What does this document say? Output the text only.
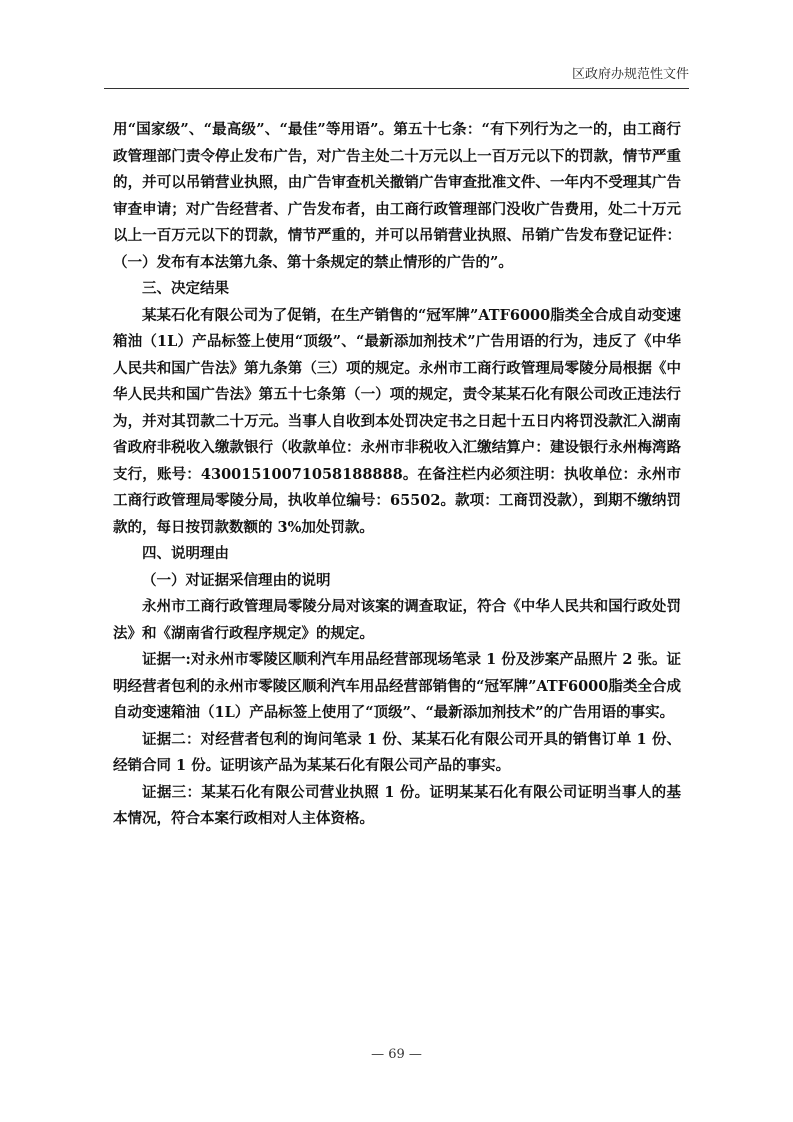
区政府办规范性文件

用“国家级”、“最高级”、“最佳”等用语”。第五十七条：“有下列行为之一的，由工商行政管理部门责令停止发布广告，对广告主处二十万元以上一百万元以下的罚款，情节严重的，并可以吊销营业执照，由广告审查机关撤销广告审查批准文件、一年内不受理其广告审查申请；对广告经营者、广告发布者，由工商行政管理部门没收广告费用，处二十万元以上一百万元以下的罚款，情节严重的，并可以吊销营业执照、吊销广告发布登记证件：（一）发布有本法第九条、第十条规定的禁止情形的广告的”。

三、决定结果

某某石化有限公司为了促销，在生产销售的“冠军牌”ATF6000脂类全合成自动变速箱油（1L）产品标签上使用“顶级”、“最新添加剂技术”广告用语的行为，违反了《中华人民共和国广告法》第九条第（三）项的规定。永州市工商行政管理局零陵分局根据《中华人民共和国广告法》第五十七条第（一）项的规定，责令某某石化有限公司改正违法行为，并对其罚款二十万元。当事人自收到本处罚决定书之日起十五日内将罚没款汇入湖南省政府非税收入缴款银行（收款单位：永州市非税收入汇缴结算户：建设银行永州梅湾路支行，账号：43001510071058188888。在备注栏内必须注明：执收单位：永州市工商行政管理局零陵分局，执收单位编号：65502。款项：工商罚没款），到期不缴纳罚款的，每日按罚款数额的 3%加处罚款。

四、说明理由

（一）对证据采信理由的说明

永州市工商行政管理局零陵分局对该案的调查取证，符合《中华人民共和国行政处罚法》和《湖南省行政程序规定》的规定。

证据一:对永州市零陵区顺利汽车用品经营部现场笔录 1 份及涉案产品照片 2 张。证明经营者包利的永州市零陵区顺利汽车用品经营部销售的“冠军牌”ATF6000脂类全合成自动变速箱油（1L）产品标签上使用了“顶级”、“最新添加剂技术”的广告用语的事实。

证据二：对经营者包利的询问笔录 1 份、某某石化有限公司开具的销售订单 1 份、经销合同 1 份。证明该产品为某某石化有限公司产品的事实。

证据三：某某石化有限公司营业执照 1 份。证明某某石化有限公司证明当事人的基本情况，符合本案行政相对人主体资格。

— 69 —
